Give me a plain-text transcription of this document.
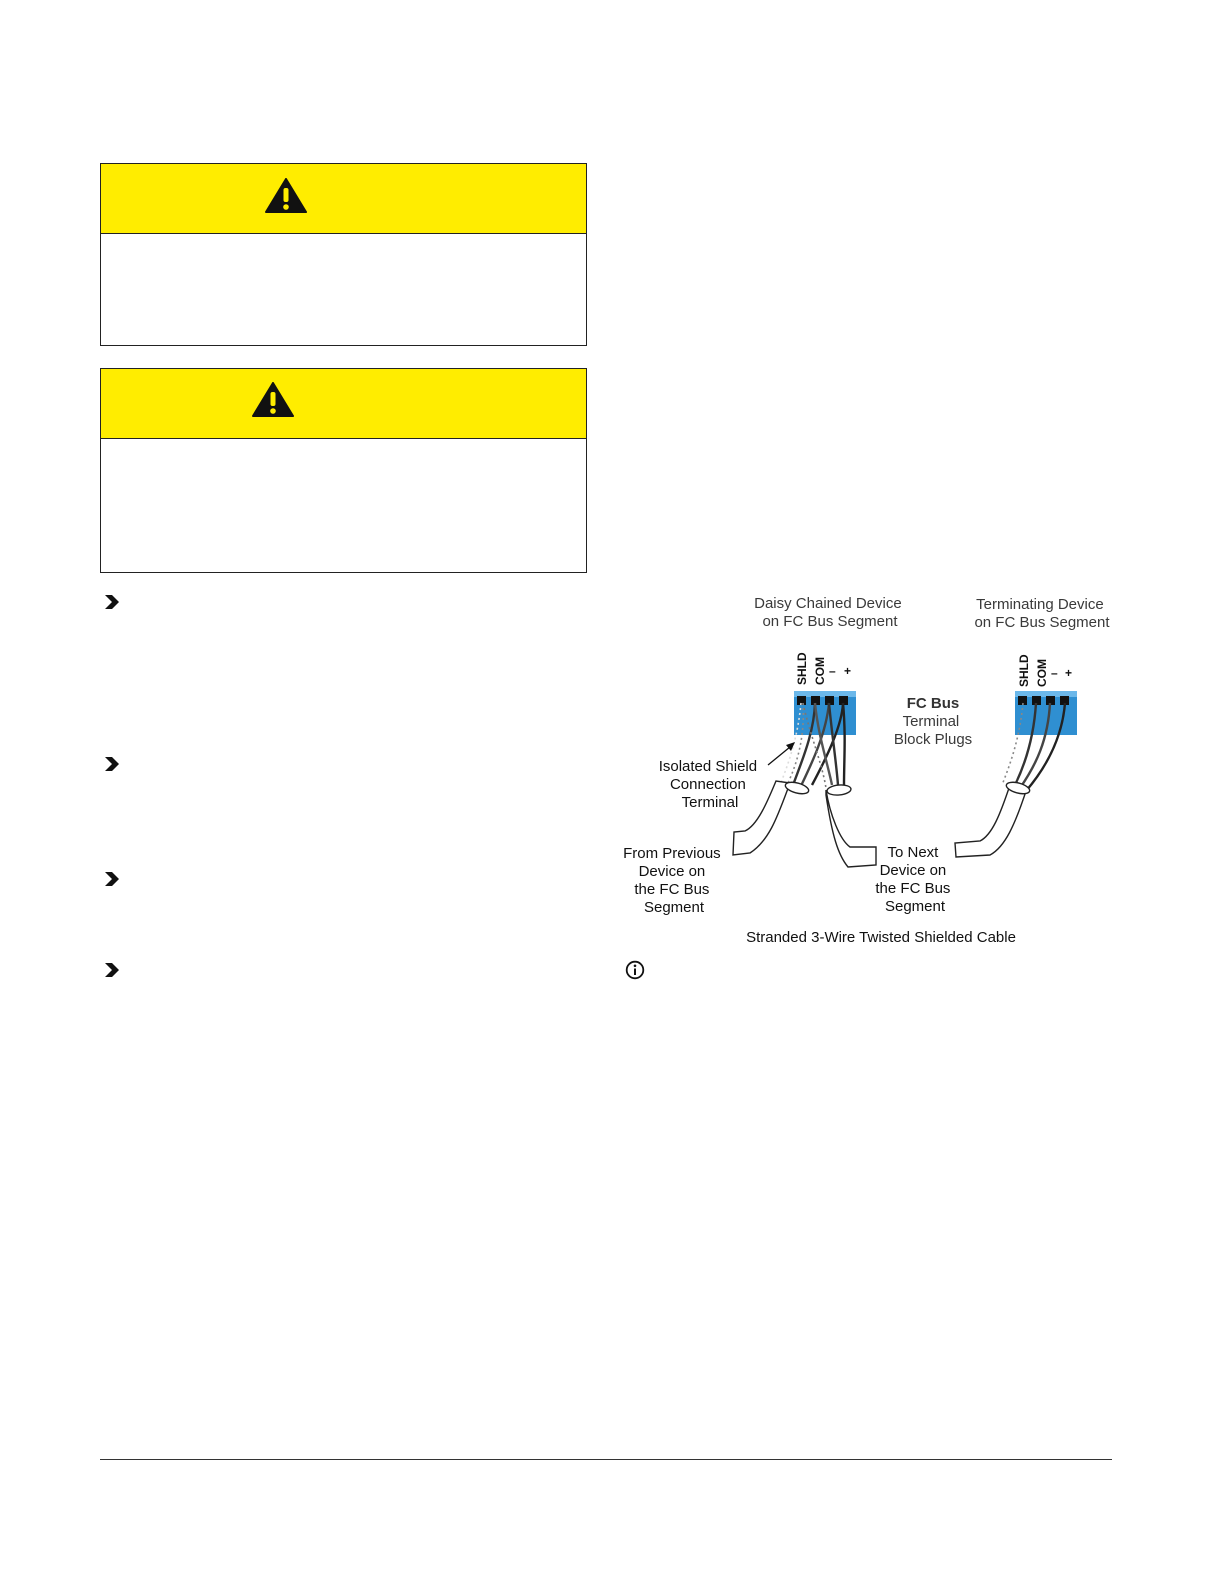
Daisy Chained Device on FC Bus Segment
Terminating Device on FC Bus Segment
SHLD COM – +	SHLD COM – +
FC Bus
Terminal Block Plugs
Isolated Shield Connection Terminal
From Previous Device on the FC Bus Segment
To Next Device on the FC Bus Segment
Stranded 3-Wire Twisted Shielded Cable
